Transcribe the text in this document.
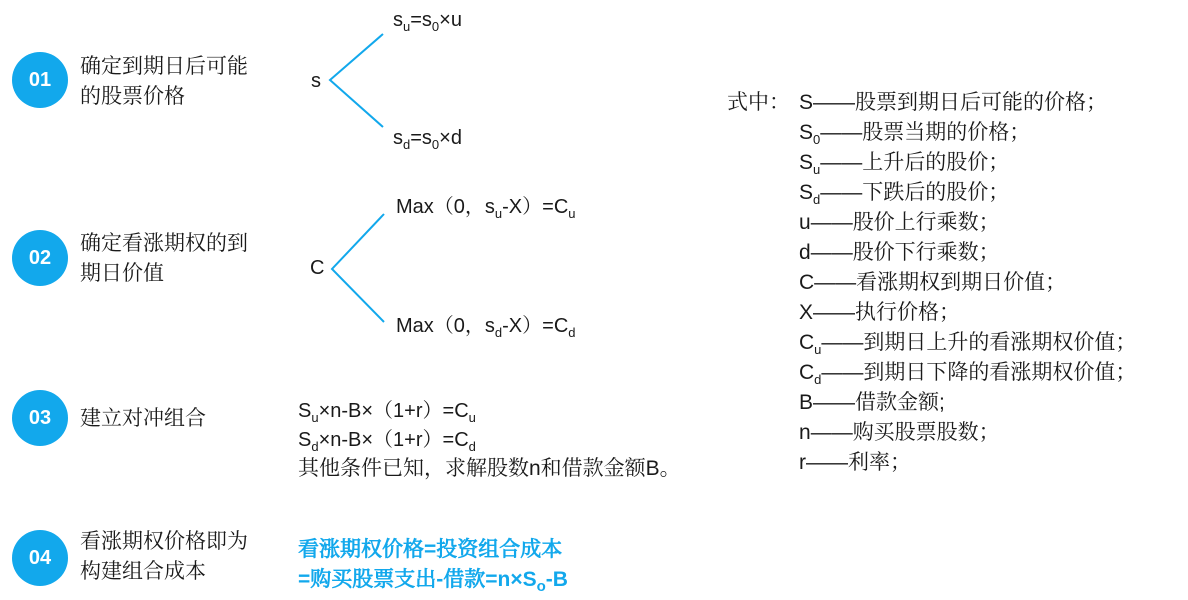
01
确定到期日后可能的股票价格
02
确定看涨期权的到期日价值
03 建立对冲组合
04
看涨期权价格即为构建组合成本
s
$s_u=s_0\times u$
$s_d=s_0\times d$
C
Max（0，$s_u-X)=C_u$
Max（0，$s_d-X)=C_d$
$S_u\times n-B\times(1+r)=C_u$
$S_d\times n-B\times(1+r)=C_d$
其他条件已知，求解股数n和借款金额B。
看涨期权价格=投资组合成本
=购买股票支出-借款$=n\times S_o-B$
式中： S——股票到期日后可能的价格；
$S_0——$股票当期的价格；
$S_u——$上升后的股价；
$S_d——$下跌后的股价；
u——股价上行乘数；
d——股价下行乘数；
C——看涨期权到期日价值；
X——执行价格；
$C_u——$到期日上升的看涨期权价值；
$C_d——$到期日下降的看涨期权价值；
B——借款金额;
n——购买股票股数；
r——利率；
